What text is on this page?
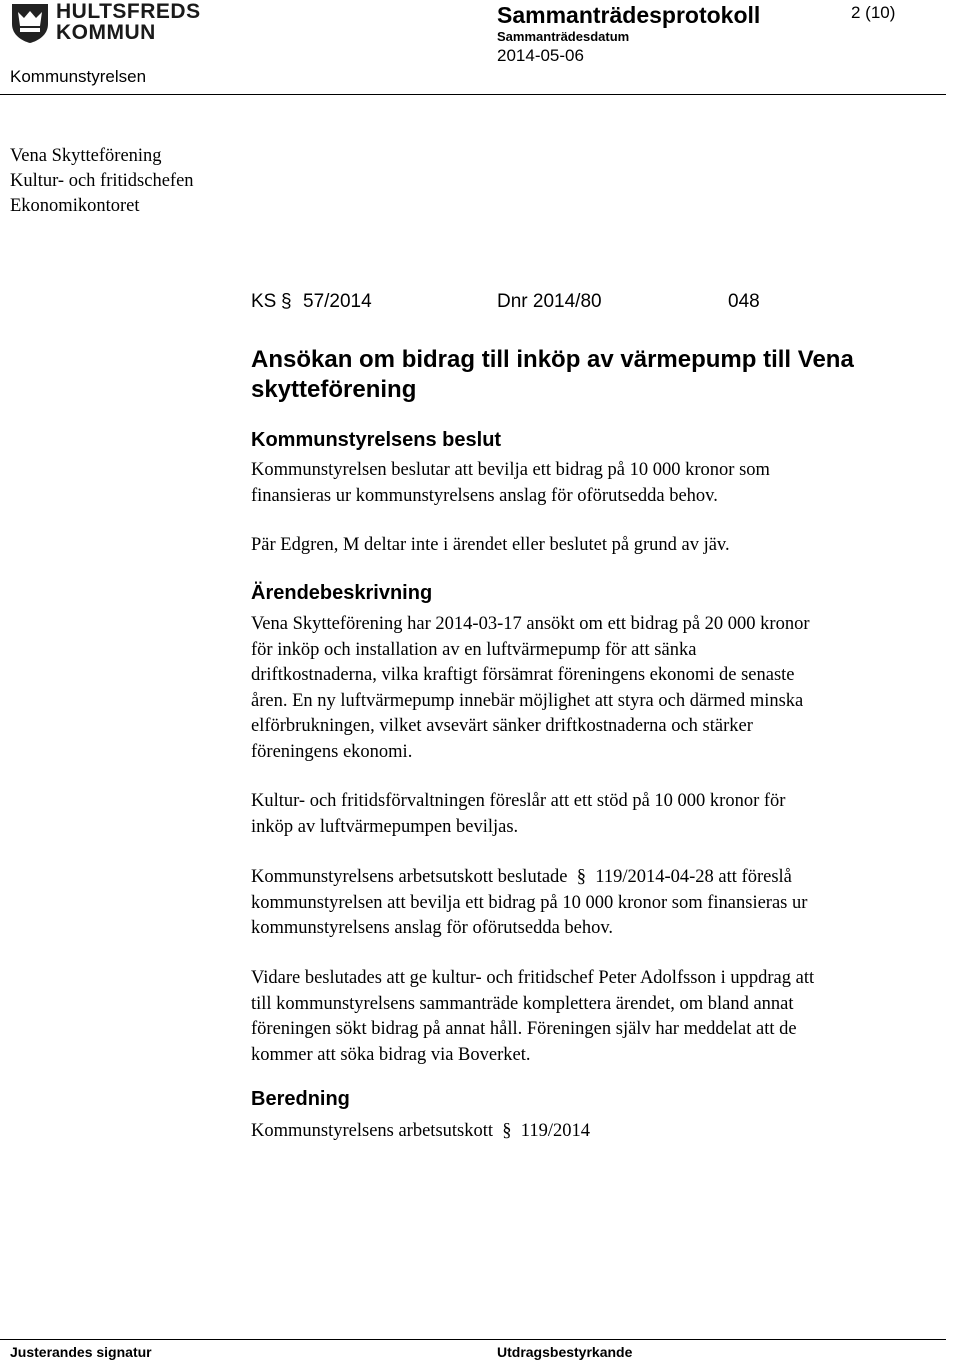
HULTSFREDS
KOMMUN
Kommunstyrelsen
Sammanträdesprotokoll
Sammanträdesdatum
2014-05-06
2 (10)
Vena Skytteförening
Kultur- och fritidschefen
Ekonomikontoret
KS § 57/2014	Dnr 2014/80	048
Ansökan om bidrag till inköp av värmepump till Vena
skytteförening
Kommunstyrelsens beslut
Kommunstyrelsen beslutar att bevilja ett bidrag på 10 000 kronor som
finansieras ur kommunstyrelsens anslag för oförutsedda behov.
Pär Edgren, M deltar inte i ärendet eller beslutet på grund av jäv.
Ärendebeskrivning
Vena Skytteförening har 2014-03-17 ansökt om ett bidrag på 20 000 kronor
för inköp och installation av en luftvärmepump för att sänka
driftkostnaderna, vilka kraftigt försämrat föreningens ekonomi de senaste
åren. En ny luftvärmepump innebär möjlighet att styra och därmed minska
elförbrukningen, vilket avsevärt sänker driftkostnaderna och stärker
föreningens ekonomi.
Kultur- och fritidsförvaltningen föreslår att ett stöd på 10 000 kronor för
inköp av luftvärmepumpen beviljas.
Kommunstyrelsens arbetsutskott beslutade  §  119/2014-04-28 att föreslå
kommunstyrelsen att bevilja ett bidrag på 10 000 kronor som finansieras ur
kommunstyrelsens anslag för oförutsedda behov.
Vidare beslutades att ge kultur- och fritidschef Peter Adolfsson i uppdrag att
till kommunstyrelsens sammanträde komplettera ärendet, om bland annat
föreningen sökt bidrag på annat håll. Föreningen själv har meddelat att de
kommer att söka bidrag via Boverket.
Beredning
Kommunstyrelsens arbetsutskott  §  119/2014
Justerandes signatur	Utdragsbestyrkande
